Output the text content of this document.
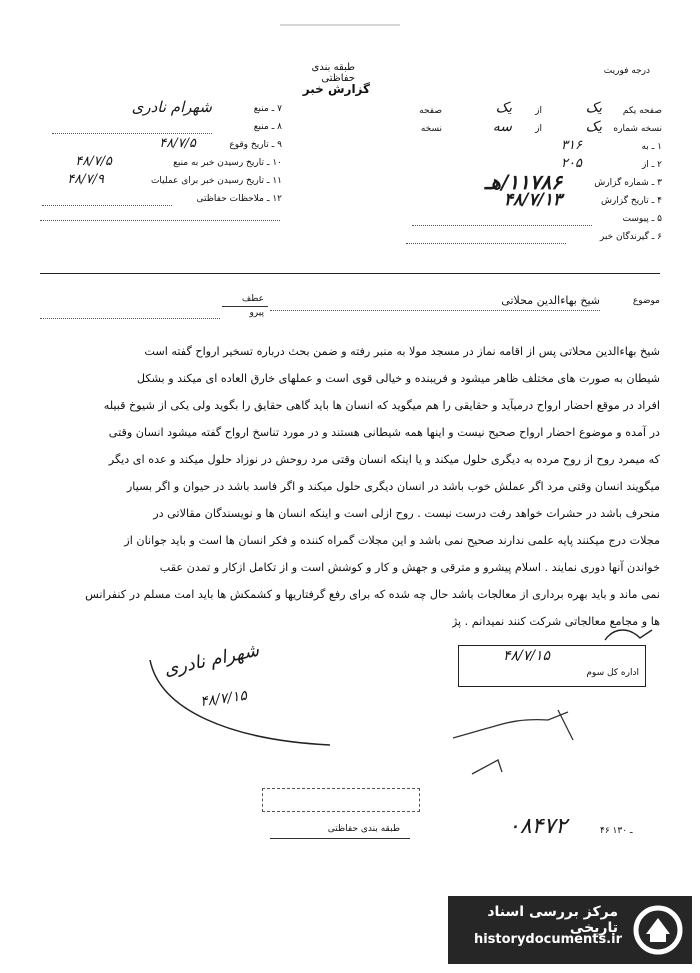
طبقه بندی حفاظتی
گزارش خبر
درجه فوریت
۷ ـ منبع
شهرام نادری
۸ ـ منبع
۹ ـ تاریخ وقوع
۴۸/۷/۵
۱۰ ـ تاریخ رسیدن خبر به منبع
۴۸/۷/۵
۱۱ ـ تاریخ رسیدن خبر برای عملیات
۴۸/۷/۹
۱۲ ـ ملاحظات حفاظتی
صفحه یکم
یک
از
یک
صفحه
نسخه شماره
یک
از
سه
نسخه
۱ ـ به
۳۱۶
۲ ـ از
۲۰۵
۳ ـ شماره گزارش
۱۱۷۸۶/هـ
۴ ـ تاریخ گزارش
۴۸/۷/۱۳
۵ ـ پیوست
۶ ـ گیرندگان خبر
عطف
پیرو
موضوع
شیخ بهاءالدین محلاتی
شیخ بهاءالدین محلاتی پس از اقامه نماز در مسجد مولا به منبر رفته و ضمن بحث درباره تسخیر ارواح گفته است
شیطان به صورت های مختلف ظاهر میشود و فریبنده و خیالی قوی است و عملهای خارق العاده ای میکند و بشکل
افراد در موقع احضار ارواح درمیآید و حقایقی را هم میگوید که انسان ها باید گاهی حقایق را بگوید ولی یکی از شیوخ قبیله
در آمده و موضوع احضار ارواح صحیح نیست و اینها همه شیطانی هستند و در مورد تناسخ ارواح گفته میشود انسان وقتی
که میمرد روح از روح مرده به دیگری حلول میکند و یا اینکه انسان وقتی مرد روحش در نوزاد حلول میکند و عده ای دیگر
میگویند انسان وقتی مرد اگر عملش خوب باشد در انسان دیگری حلول میکند و اگر فاسد باشد در حیوان و اگر بسیار
منحرف باشد در حشرات خواهد رفت درست نیست . روح ازلی است و اینکه انسان ها و نویسندگان مقالاتی در
مجلات درج میکنند پایه علمی ندارند صحیح نمی باشد و این مجلات گمراه کننده و فکر انسان ها است و باید جوانان از
خواندن آنها دوری نمایند . اسلام پیشرو و مترقی و جهش و کار و کوشش است و از تکامل ازکار و تمدن عقب
نمی ماند و باید بهره برداری از معالجات باشد حال چه شده که برای رفع گرفتاریها و کشمکش ها باید امت مسلم در کنفرانس
ها و مجامع معالجاتی شرکت کنند نمیدانم . پژ
شهرام نادری
۴۸/۷/۱۵
۴۸/۷/۱۵
اداره کل سوم
طبقه بندی حفاظتی	۰۸۴۷۲	۴۶ ـ ۱۳۰
مرکز بررسی اسناد تاریخی
historydocuments.ir
